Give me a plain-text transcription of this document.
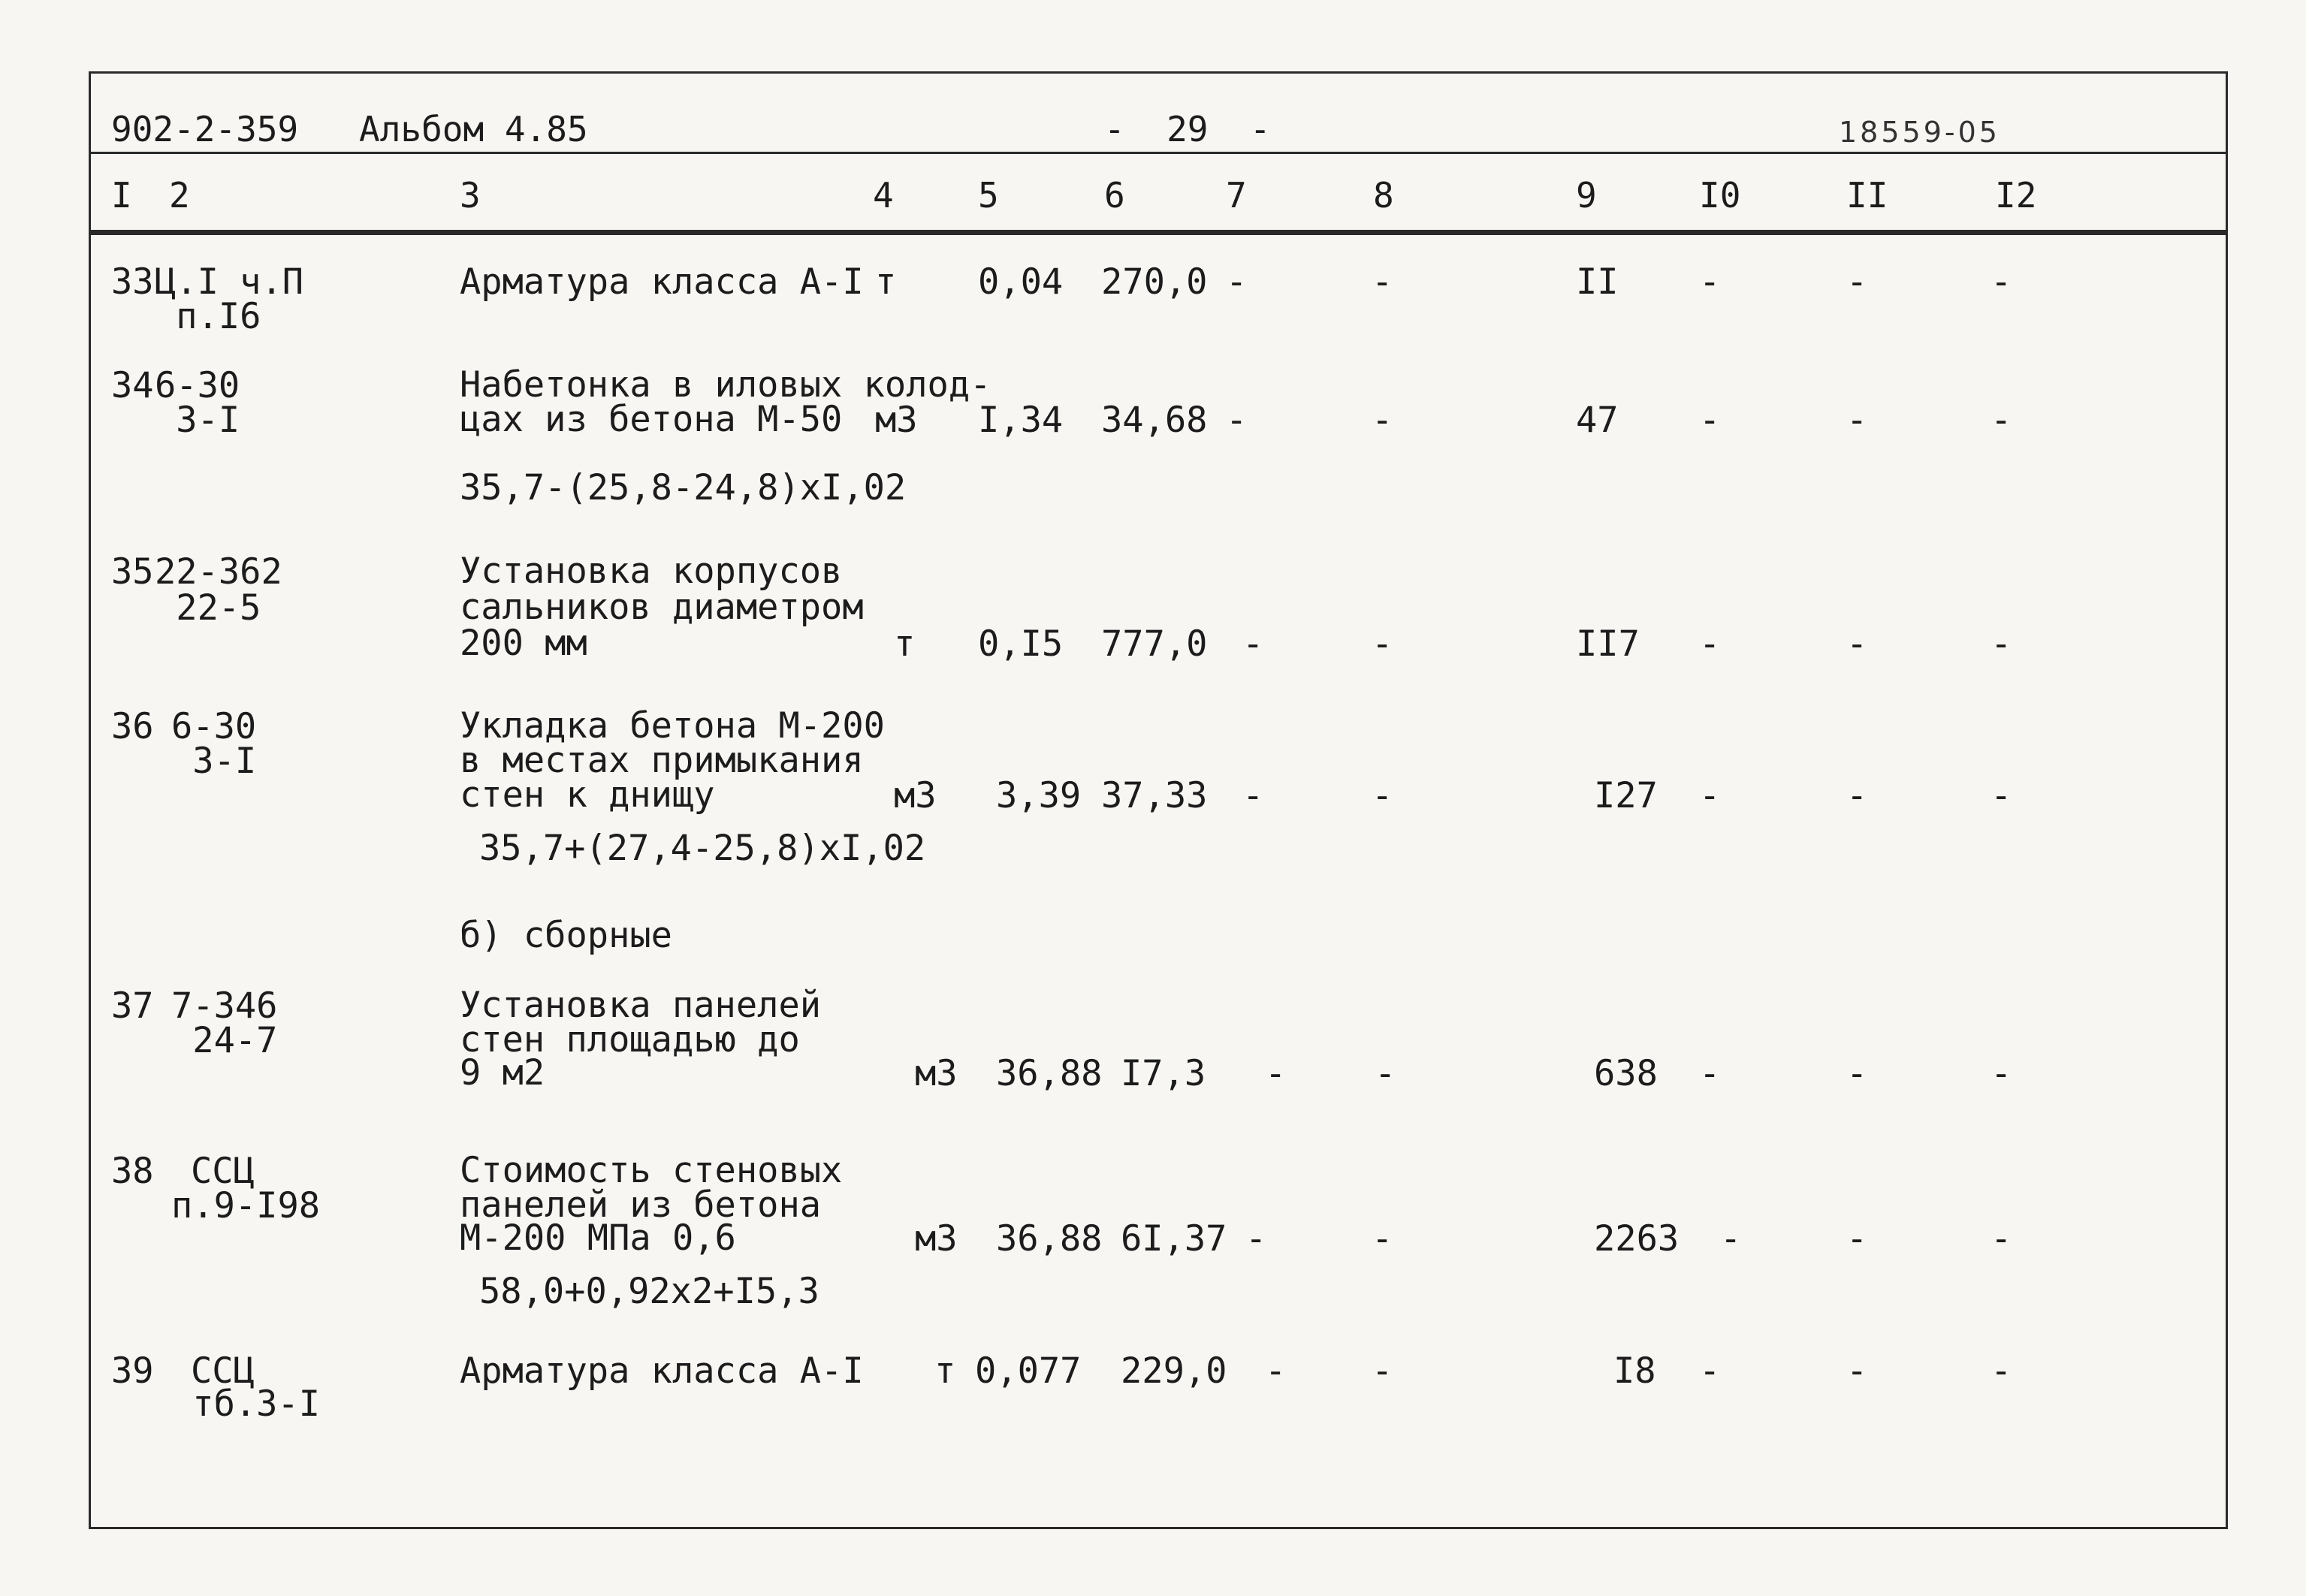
902-2-359 Альбом 4.85	-  29  -	18559-05
I 2	3	4 5	6	7	8	9	I0	II	I2
33 Ц.I ч.П
п.I6
Арматура класса А-I т 0,04 270,0 -	-	II -	-	-
34 6-30
3-I
Набетонка в иловых колод-
цах из бетона М-50 м3 I,34 34,68 -	-	47 -	-	-
35,7-(25,8-24,8)xI,02
35 22-362
22-5
Установка корпусов
сальников диаметром
200 мм	т 0,I5 777,0 -	-	II7 -	-	-
36 6-30
3-I
Укладка бетона М-200
в местах примыкания
стен к днищу	м3 3,39 37,33 -	-	I27 -	-	-
35,7+(27,4-25,8)xI,02
б) сборные
37 7-346
24-7
Установка панелей
стен площадью до
9 м2	м3 36,88 I7,3 -	-	638 -	-	-
38 ССЦ
п.9-I98
Стоимость стеновых
панелей из бетона
М-200 МПа 0,6	м3 36,88 6I,37 -	-	2263 -	-	-
58,0+0,92x2+I5,3
39 ССЦ
тб.3-I
Арматура класса А-I т 0,077 229,0 - -	I8 -	-	-
